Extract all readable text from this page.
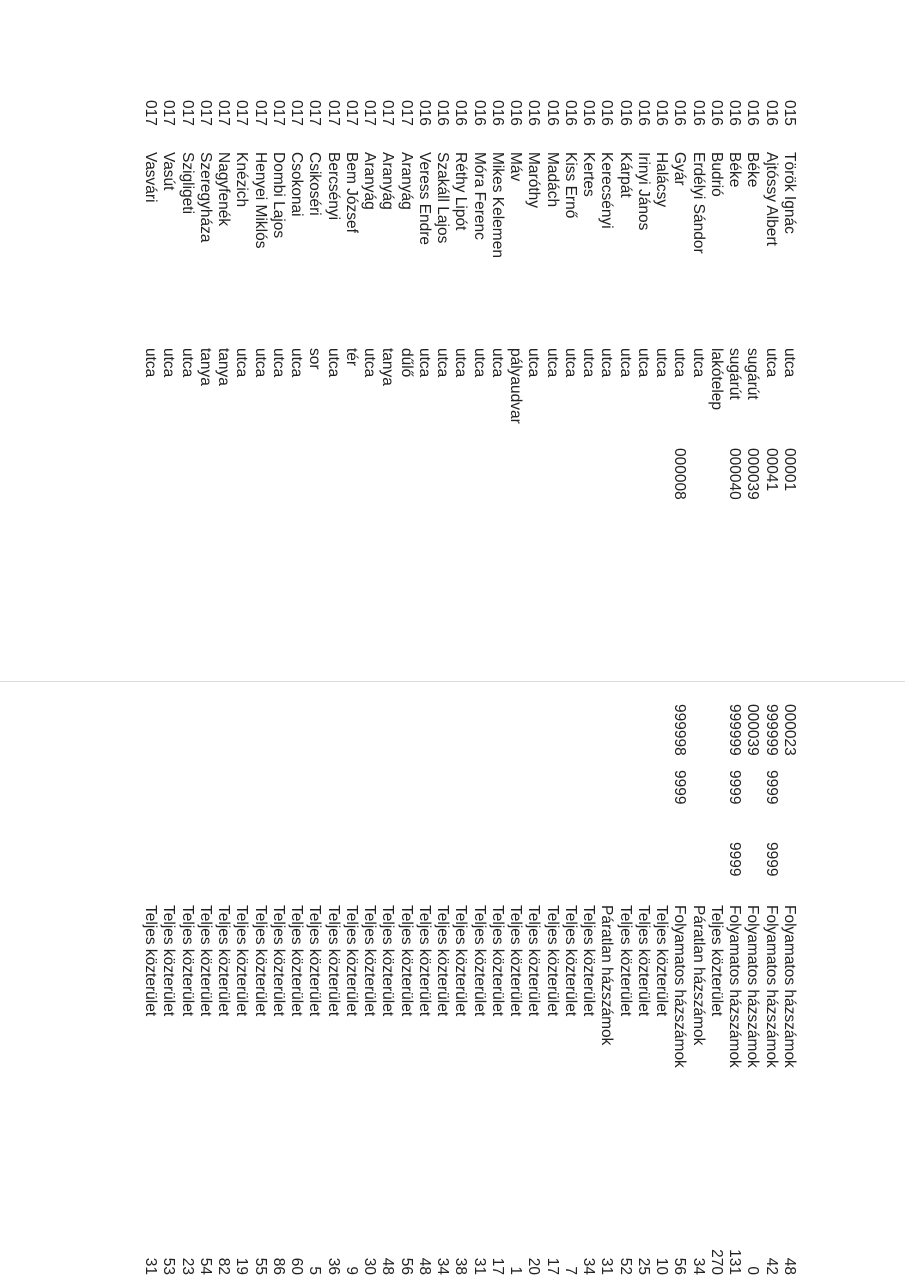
015
Török Ignác
utca
00001
000023
Folyamatos házszámok
48
016
Ajtóssy Albert
utca
00041
999999
9999
9999
Folyamatos házszámok
42
016
Béke
sugárút
000039
000039
Folyamatos házszámok
0
016
Béke
sugárút
000040
999999
9999
9999
Folyamatos házszámok
131
016
Budrió
lakótelep
Teljes közterület
270
016
Erdélyi Sándor
utca
Páratlan házszámok
34
016
Gyár
utca
000008
999998
9999
Folyamatos házszámok
56
016
Halácsy
utca
Teljes közterület
10
016
Irinyi János
utca
Teljes közterület
25
016
Kárpát
utca
Teljes közterület
52
016
Kerecsényi
utca
Páratlan házszámok
31
016
Kertes
utca
Teljes közterület
34
016
Kiss Ernő
utca
Teljes közterület
7
016
Madách
utca
Teljes közterület
17
016
Maróthy
utca
Teljes közterület
20
016
Máv
pályaudvar
Teljes közterület
1
016
Mikes Kelemen
utca
Teljes közterület
17
016
Móra Ferenc
utca
Teljes közterület
31
016
Réthy Lipót
utca
Teljes közterület
38
016
Szakáll Lajos
utca
Teljes közterület
34
016
Veress Endre
utca
Teljes közterület
48
017
Aranyág
dűlő
Teljes közterület
56
017
Aranyág
tanya
Teljes közterület
48
017
Aranyág
utca
Teljes közterület
30
017
Bem József
tér
Teljes közterület
9
017
Bercsényi
utca
Teljes közterület
36
017
Csikoséri
sor
Teljes közterület
5
017
Csokonai
utca
Teljes közterület
60
017
Dombi Lajos
utca
Teljes közterület
86
017
Henyei Miklós
utca
Teljes közterület
55
017
Knézich
utca
Teljes közterület
19
017
Nagyfenék
tanya
Teljes közterület
82
017
Szeregyháza
tanya
Teljes közterület
54
017
Szigligeti
utca
Teljes közterület
23
017
Vasút
utca
Teljes közterület
53
017
Vasvári
utca
Teljes közterület
31
